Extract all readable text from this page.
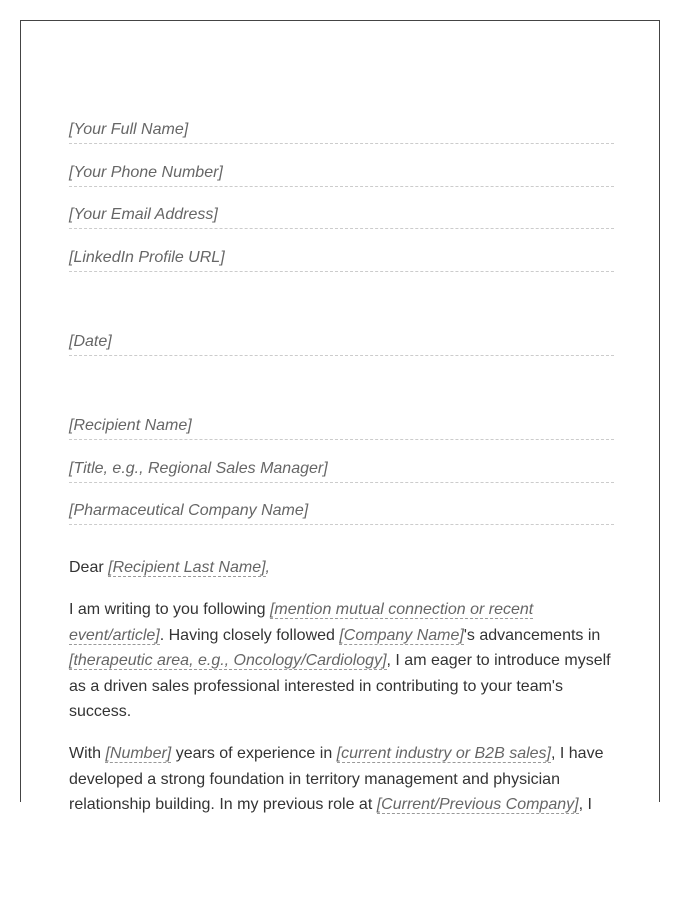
[Your Full Name]
[Your Phone Number]
[Your Email Address]
[LinkedIn Profile URL]
[Date]
[Recipient Name]
[Title, e.g., Regional Sales Manager]
[Pharmaceutical Company Name]
Dear [Recipient Last Name],
I am writing to you following [mention mutual connection or recent event/article]. Having closely followed [Company Name]'s advancements in [therapeutic area, e.g., Oncology/Cardiology], I am eager to introduce myself as a driven sales professional interested in contributing to your team's success.
With [Number] years of experience in [current industry or B2B sales], I have developed a strong foundation in territory management and physician relationship building. In my previous role at [Current/Previous Company], I
